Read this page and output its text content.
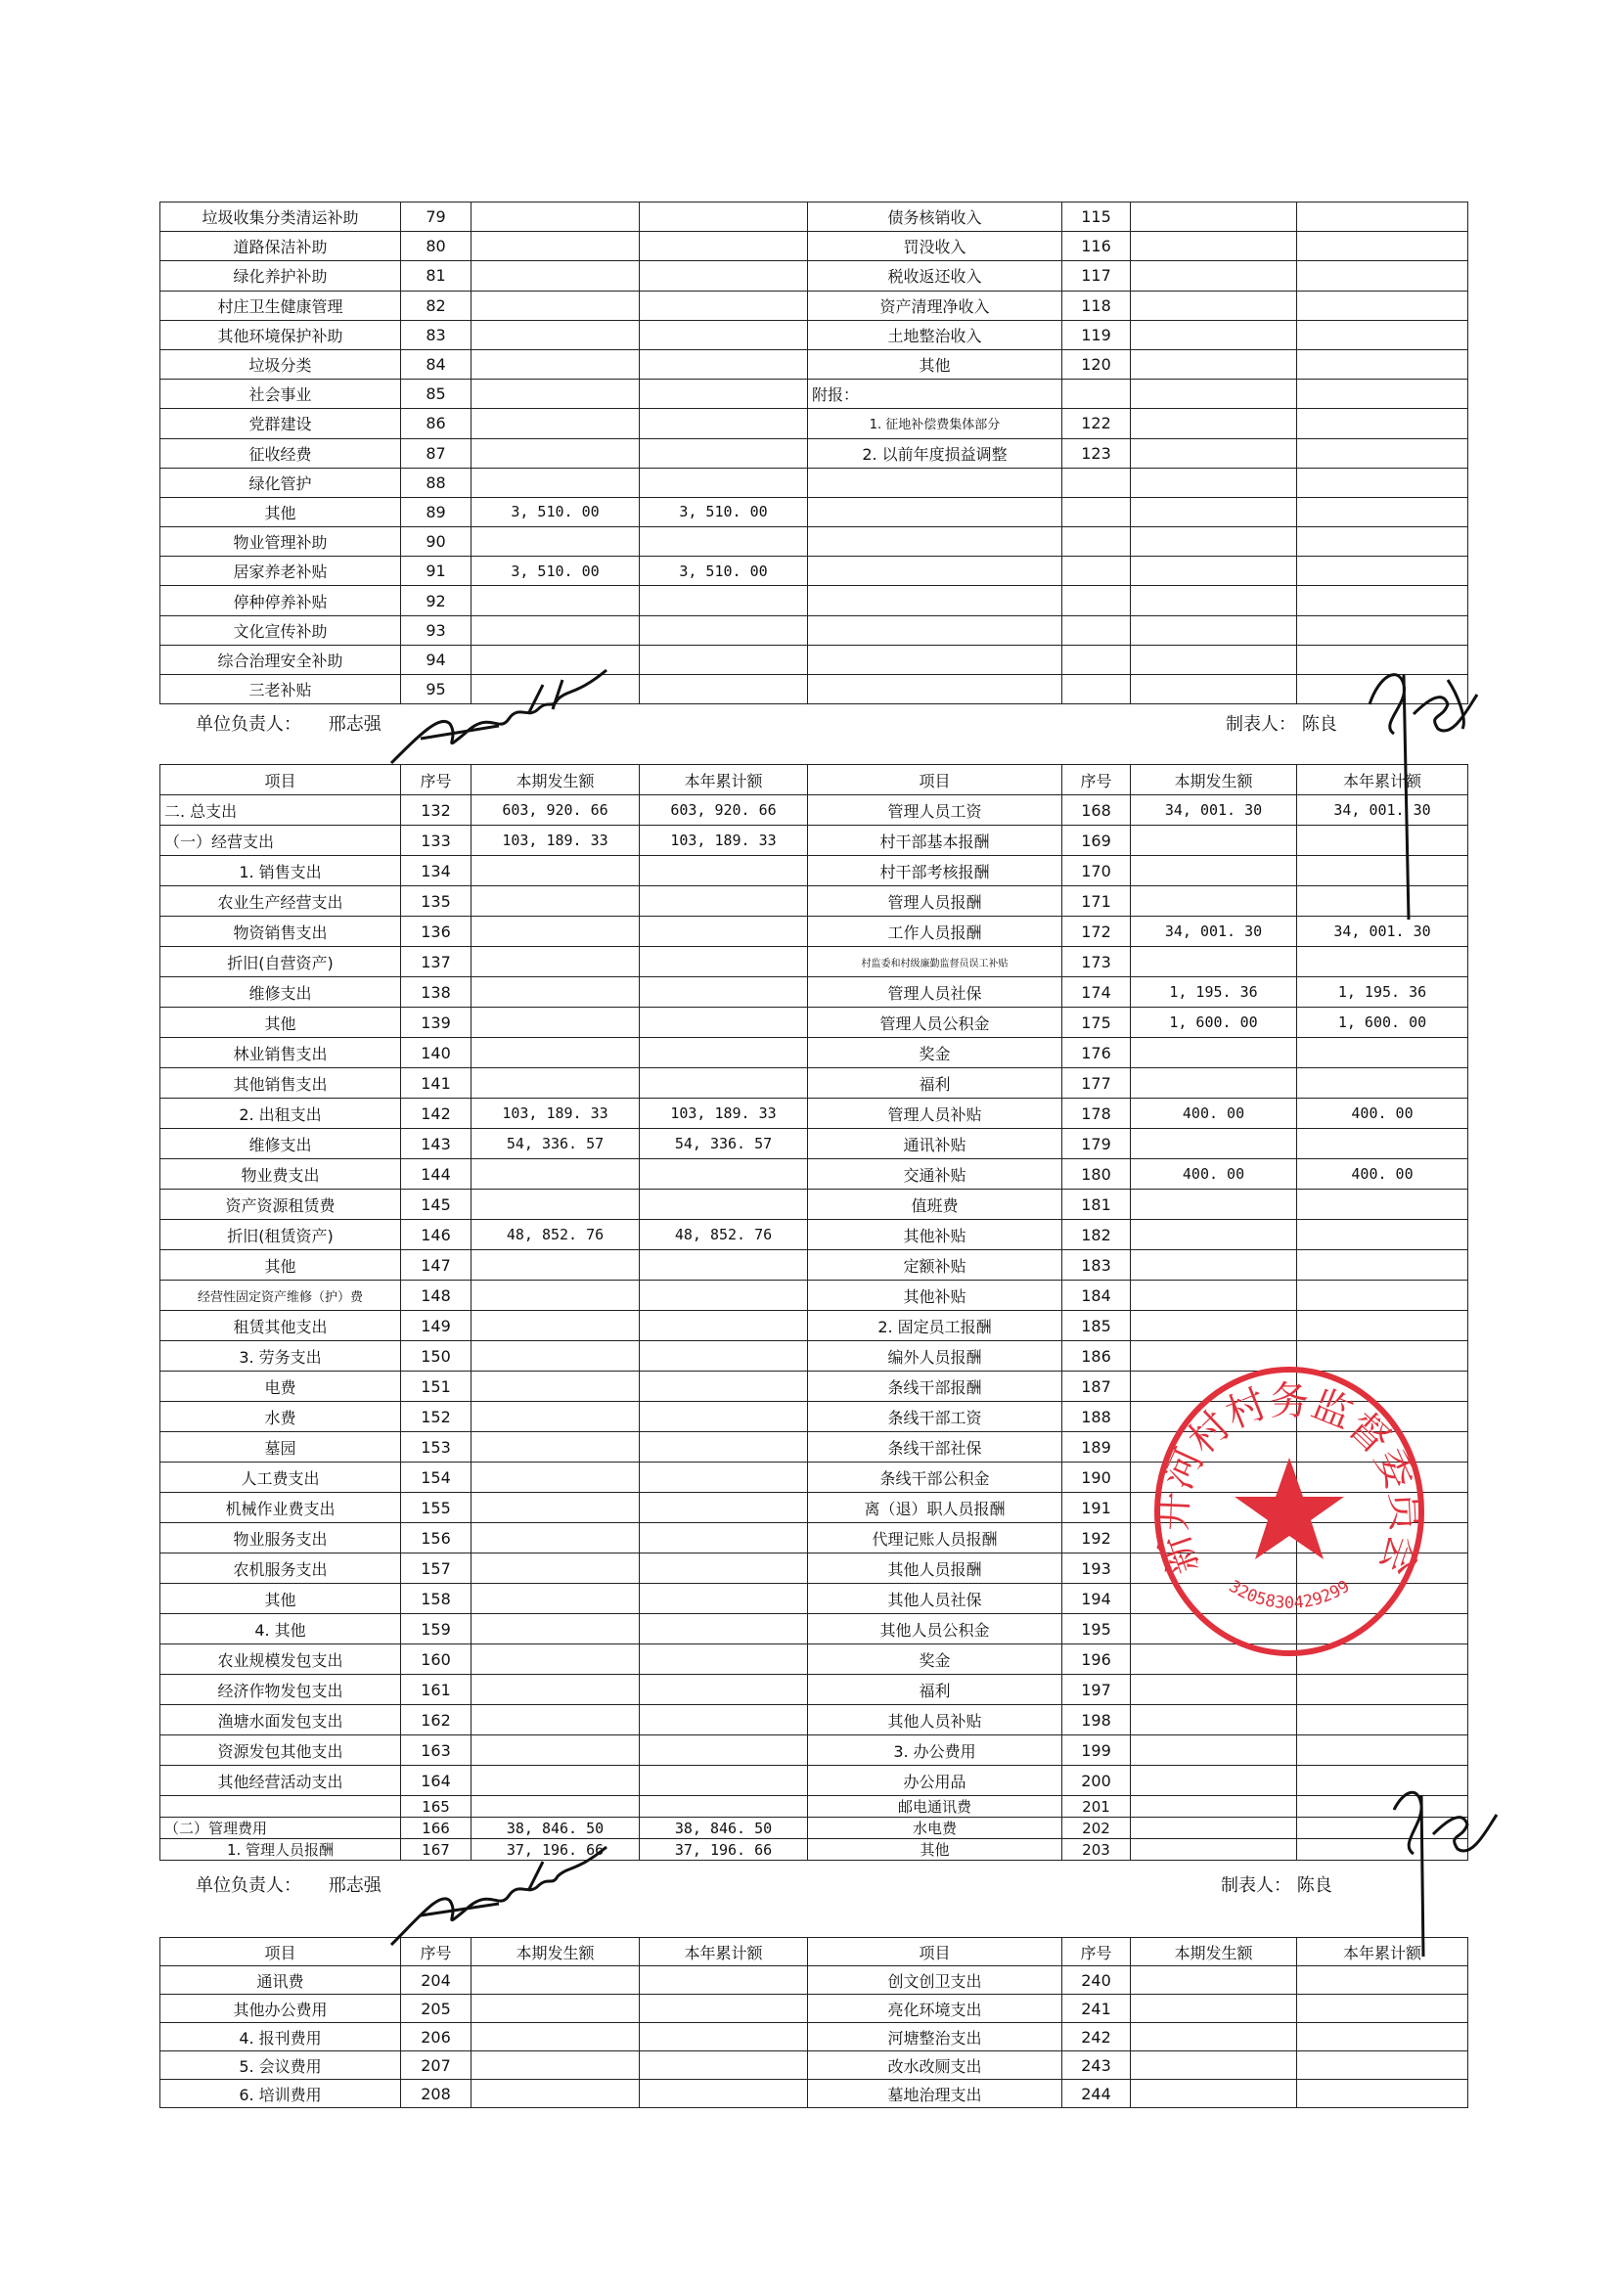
垃圾收集分类清运补助	79			债务核销收入	115		
道路保洁补助	80			罚没收入	116		
绿化养护补助	81			税收返还收入	117		
村庄卫生健康管理	82			资产清理净收入	118		
其他环境保护补助	83			土地整治收入	119		
垃圾分类	84			其他	120		
社会事业	85			附报：			
党群建设	86			1. 征地补偿费集体部分	122		
征收经费	87			2. 以前年度损益调整	123		
绿化管护	88						
其他	89	3, 510. 00	3, 510. 00				
物业管理补助	90						
居家养老补贴	91	3, 510. 00	3, 510. 00				
停种停养补贴	92						
文化宣传补助	93						
综合治理安全补助	94						
三老补贴	95						
单位负责人： 邢志强	制表人： 陈良
项目	序号	本期发生额	本年累计额	项目	序号	本期发生额	本年累计额
二. 总支出	132	603, 920. 66	603, 920. 66	管理人员工资	168	34, 001. 30	34, 001. 30
（一）经营支出	133	103, 189. 33	103, 189. 33	村干部基本报酬	169		
1. 销售支出	134			村干部考核报酬	170		
农业生产经营支出	135			管理人员报酬	171		
物资销售支出	136			工作人员报酬	172	34, 001. 30	34, 001. 30
折旧(自营资产)	137			村监委和村级廉勤监督员误工补贴	173		
维修支出	138			管理人员社保	174	1, 195. 36	1, 195. 36
其他	139			管理人员公积金	175	1, 600. 00	1, 600. 00
林业销售支出	140			奖金	176		
其他销售支出	141			福利	177		
2. 出租支出	142	103, 189. 33	103, 189. 33	管理人员补贴	178	400. 00	400. 00
维修支出	143	54, 336. 57	54, 336. 57	通讯补贴	179		
物业费支出	144			交通补贴	180	400. 00	400. 00
资产资源租赁费	145			值班费	181		
折旧(租赁资产)	146	48, 852. 76	48, 852. 76	其他补贴	182		
其他	147			定额补贴	183		
经营性固定资产维修（护）费	148			其他补贴	184		
租赁其他支出	149			2. 固定员工报酬	185		
3. 劳务支出	150			编外人员报酬	186		
电费	151			条线干部报酬	187		
水费	152			条线干部工资	188		
墓园	153			条线干部社保	189		
人工费支出	154			条线干部公积金	190		
机械作业费支出	155			离（退）职人员报酬	191		
物业服务支出	156			代理记账人员报酬	192		
农机服务支出	157			其他人员报酬	193		
其他	158			其他人员社保	194		
4. 其他	159			其他人员公积金	195		
农业规模发包支出	160			奖金	196		
经济作物发包支出	161			福利	197		
渔塘水面发包支出	162			其他人员补贴	198		
资源发包其他支出	163			3. 办公费用	199		
其他经营活动支出	164			办公用品	200		
	165			邮电通讯费	201		
（二）管理费用	166	38, 846. 50	38, 846. 50	水电费	202		
1. 管理人员报酬	167	37, 196. 66	37, 196. 66	其他	203		
单位负责人： 邢志强	制表人： 陈良
项目	序号	本期发生额	本年累计额	项目	序号	本期发生额	本年累计额
通讯费	204			创文创卫支出	240		
其他办公费用	205			亮化环境支出	241		
4. 报刊费用	206			河塘整治支出	242		
5. 会议费用	207			改水改厕支出	243		
6. 培训费用	208			墓地治理支出	244		
新开河村村务监督委员会
3205830429299
